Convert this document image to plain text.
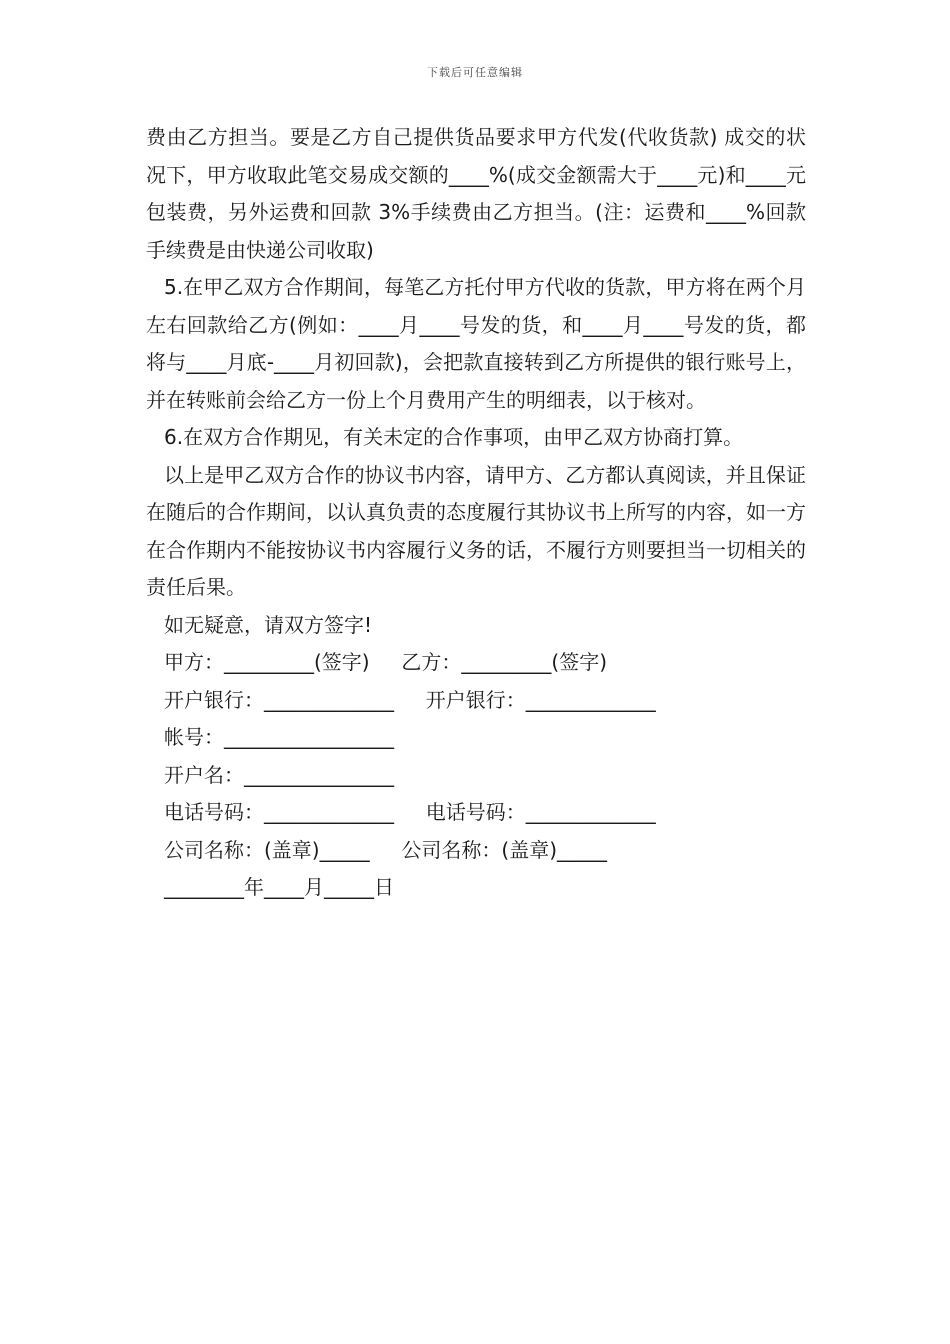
下载后可任意编辑

费由乙方担当。要是乙方自己提供货品要求甲方代发(代收货款) 成交的状况下，甲方收取此笔交易成交额的____%(成交金额需大于____元)和____元包装费，另外运费和回款 3%手续费由乙方担当。(注：运费和____%回款手续费是由快递公司收取)

5.在甲乙双方合作期间，每笔乙方托付甲方代收的货款，甲方将在两个月左右回款给乙方(例如：____月____号发的货，和____月____号发的货，都将与____月底-____月初回款)，会把款直接转到乙方所提供的银行账号上，并在转账前会给乙方一份上个月费用产生的明细表，以于核对。

6.在双方合作期见，有关未定的合作事项，由甲乙双方协商打算。

以上是甲乙双方合作的协议书内容，请甲方、乙方都认真阅读，并且保证在随后的合作期间，以认真负责的态度履行其协议书上所写的内容，如一方在合作期内不能按协议书内容履行义务的话，不履行方则要担当一切相关的责任后果。

如无疑意，请双方签字!

甲方：_________(签字)     乙方：_________(签字)

开户银行：_____________     开户银行：_____________

帐号：_________________

开户名：_______________

电话号码：_____________     电话号码：_____________

公司名称：(盖章)_____     公司名称：(盖章)_____

________年____月_____日
